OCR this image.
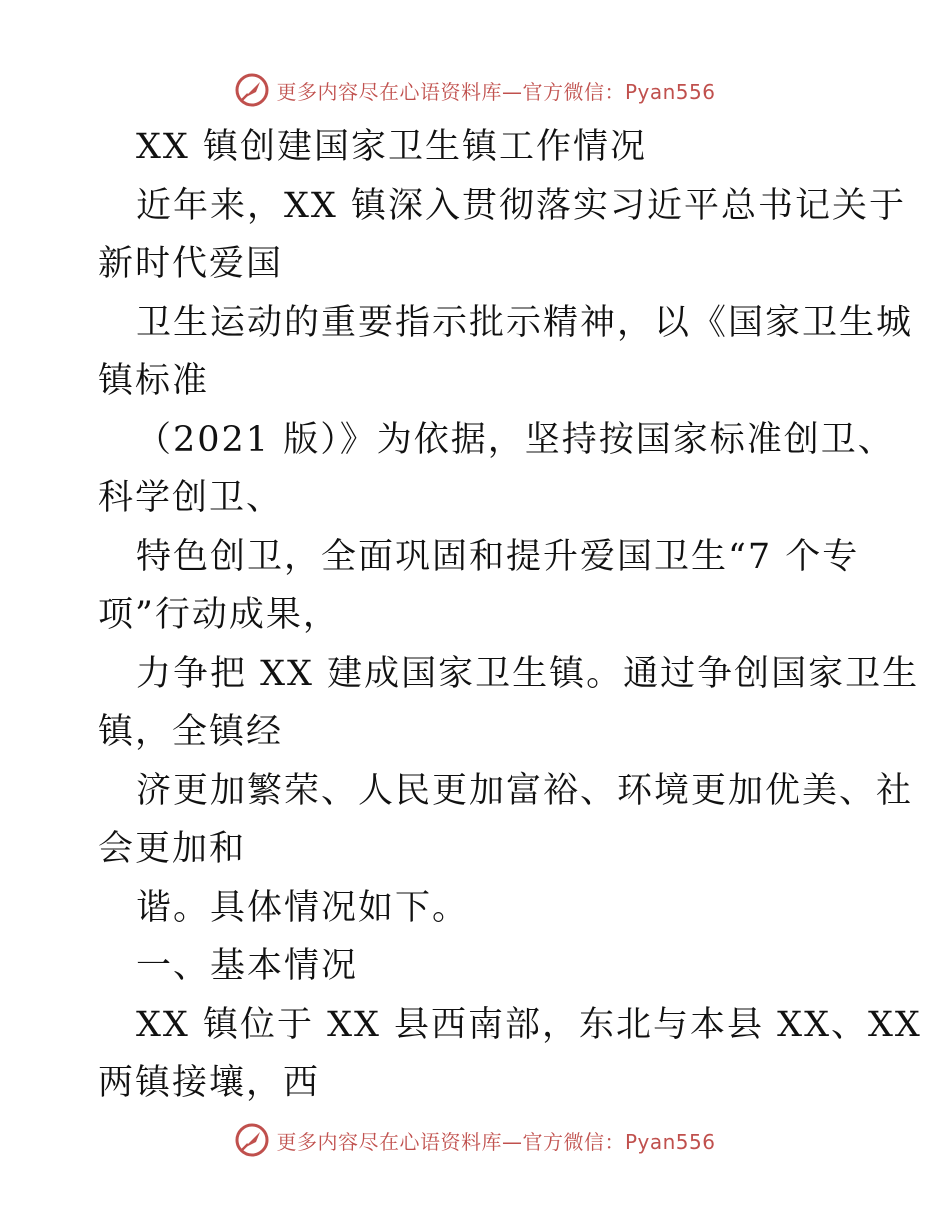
更多内容尽在心语资料库—官方微信：Pyan556
XX 镇创建国家卫生镇工作情况
近年来，XX 镇深入贯彻落实习近平总书记关于
新时代爱国
卫生运动的重要指示批示精神，以《国家卫生城
镇标准
（2021 版）》为依据，坚持按国家标准创卫、
科学创卫、
特色创卫，全面巩固和提升爱国卫生“7 个专
项”行动成果，
力争把 XX 建成国家卫生镇。通过争创国家卫生
镇，全镇经
济更加繁荣、人民更加富裕、环境更加优美、社
会更加和
谐。具体情况如下。
一、基本情况
XX 镇位于 XX 县西南部，东北与本县 XX、XX
两镇接壤，西
更多内容尽在心语资料库—官方微信：Pyan556
